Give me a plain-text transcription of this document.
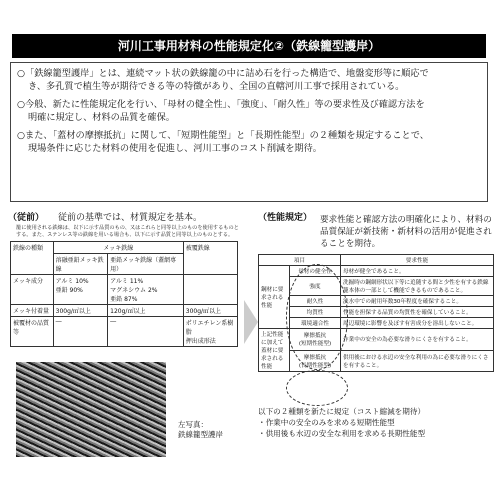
河川工事用材料の性能規定化②（鉄線籠型護岸）

○「鉄線籠型護岸」とは、連続マット状の鉄線籠の中に詰め石を行った構造で、地盤変形等に順応で
き、多孔質で植生等が期待できる等の特徴があり、全国の直轄河川工事で採用されている。

○今般、新たに性能規定化を行い、「母材の健全性」、「強度」、「耐久性」等の要求性及び確認方法を
明確に規定し、材料の品質を確保。

○また、「蓋材の摩擦抵抗」に関して、「短期性能型」と「長期性能型」の２種類を規定することで、
現場条件に応じた材料の使用を促進し、河川工事のコスト削減を期待。

（従前） 従前の基準では、材質規定を基本。
籠に使用される鉄線は、以下に示す品質のもの、又はこれらと同等以上のものを使用するものとする。また、ステンレス等の鉄線を用いる場合も、以下に示す品質と同等以上のものとする。
鉄線の種類	メッキ鉄線		被覆鉄線
	溶融亜鉛メッキ鉄線	亜鉛メッキ鉄線（蓋網専用）	
メッキ成分	アルミ 10%
亜鉛 90%	アルミ 11%
マグネシウム 2%
亜鉛 87%	
メッキ付着量	300g/㎡以上	120g/㎡以上	300g/㎡以上
被覆材の品質等	―	―	ポリエチレン系樹脂
押出成形法
左写真：
鉄線籠型護岸
（性能規定） 要求性能と確認方法の明確化により、材料の品質保証が新技術・新材料の活用が促進されることを期待。
項目		要求性能
鋼材に要求される性能	母材の健全性	母材が健全であること。
	強度	洗掘時の鋼網形状以下等に追随する間と少性を有する鉄線籠本体の一部として機能できるものであること。
	耐久性	淡水中での耐用年数30年程度を確保すること。
	均質性	性能を担保する品質の均質性を確保していること。
	環境適合性	周辺環境に影響を及ぼす有害成分を溶出しないこと。
上記性能に加えて蓋材に要求される性能	摩擦抵抗
(短期性能型)	作業中の安全の為必要な滑りにくさを有すること。
	摩擦抵抗
(長期性能型)	供用後における水辺の安全な利用の為に必要な滑りにくさを有すること。
以下の２種類を新たに規定（コスト縮減を期待）
・作業中の安全のみを求める短期性能型
・供用後も水辺の安全な利用を求める長期性能型
